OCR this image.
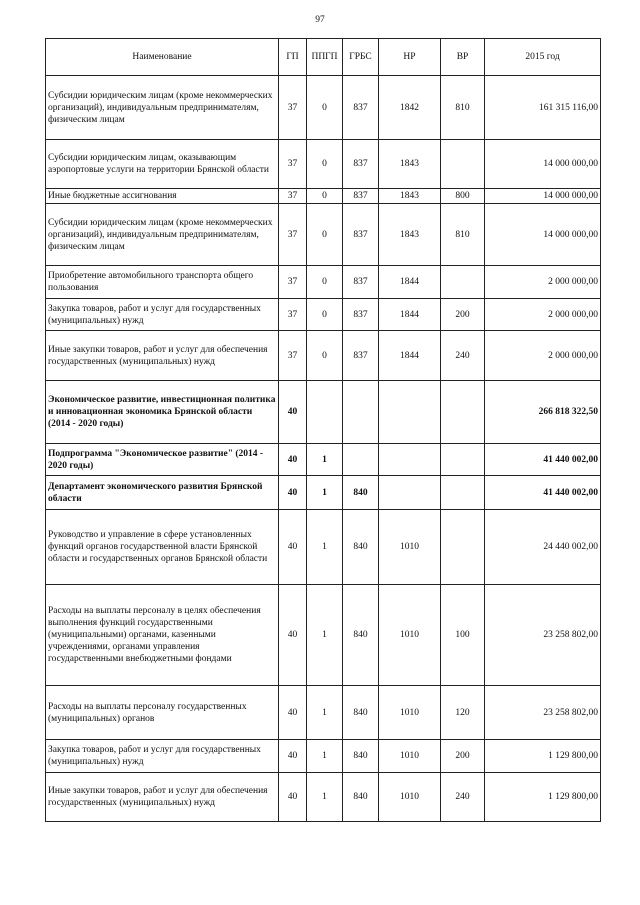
97
Наименование	ГП	ППГП	ГРБС	НР	ВР	2015 год
Субсидии юридическим лицам (кроме некоммерческих организаций), индивидуальным предпринимателям, физическим лицам	37	0	837	1842	810	161 315 116,00
Субсидии юридическим лицам, оказывающим аэропортовые услуги на территории Брянской области	37	0	837	1843		14 000 000,00
Иные бюджетные ассигнования	37	0	837	1843	800	14 000 000,00
Субсидии юридическим лицам (кроме некоммерческих организаций), индивидуальным предпринимателям, физическим лицам	37	0	837	1843	810	14 000 000,00
Приобретение автомобильного транспорта общего пользования	37	0	837	1844		2 000 000,00
Закупка товаров, работ и услуг для государственных (муниципальных) нужд	37	0	837	1844	200	2 000 000,00
Иные закупки товаров, работ и услуг для обеспечения государственных (муниципальных) нужд	37	0	837	1844	240	2 000 000,00
Экономическое развитие, инвестиционная политика и инновационная экономика Брянской области (2014 - 2020 годы)	40					266 818 322,50
Подпрограмма "Экономическое развитие" (2014 - 2020 годы)	40	1				41 440 002,00
Департамент экономического развития Брянской области	40	1	840			41 440 002,00
Руководство и управление в сфере установленных функций органов государственной власти Брянской области и государственных органов Брянской области	40	1	840	1010		24 440 002,00
Расходы на выплаты персоналу в целях обеспечения выполнения функций государственными (муниципальными) органами, казенными учреждениями, органами управления государственными внебюджетными фондами	40	1	840	1010	100	23 258 802,00
Расходы на выплаты персоналу государственных (муниципальных) органов	40	1	840	1010	120	23 258 802,00
Закупка товаров, работ и услуг для государственных (муниципальных) нужд	40	1	840	1010	200	1 129 800,00
Иные закупки товаров, работ и услуг для обеспечения государственных (муниципальных) нужд	40	1	840	1010	240	1 129 800,00
